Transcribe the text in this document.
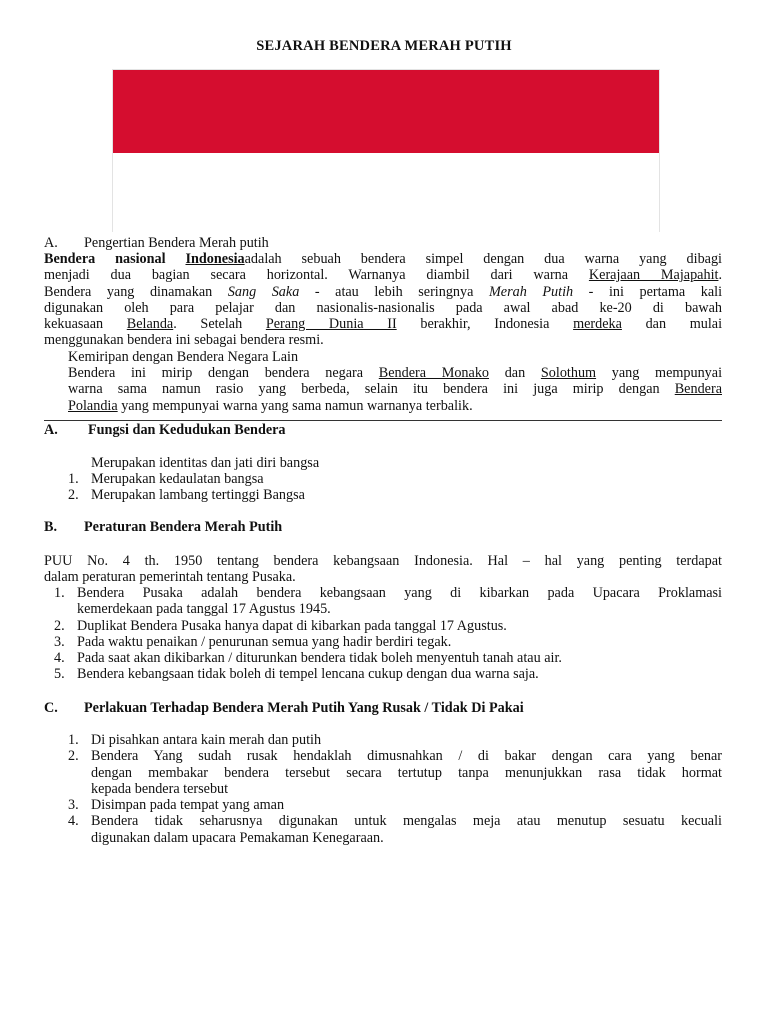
SEJARAH BENDERA MERAH PUTIH
A. Pengertian Bendera Merah putih
Bendera nasional Indonesiaadalah sebuah bendera simpel dengan dua warna yang dibagi
menjadi dua bagian secara horizontal. Warnanya diambil dari warna Kerajaan Majapahit.
Bendera yang dinamakan Sang Saka - atau lebih seringnya Merah Putih - ini pertama kali
digunakan oleh para pelajar dan nasionalis-nasionalis pada awal abad ke-20 di bawah
kekuasaan Belanda. Setelah Perang Dunia II berakhir, Indonesia merdeka dan mulai
menggunakan bendera ini sebagai bendera resmi.
Kemiripan dengan Bendera Negara Lain
Bendera ini mirip dengan bendera negara Bendera Monako dan Solothum yang mempunyai
warna sama namun rasio yang berbeda, selain itu bendera ini juga mirip dengan Bendera
Polandia yang mempunyai warna yang sama namun warnanya terbalik.
A. Fungsi dan Kedudukan Bendera
Merupakan identitas dan jati diri bangsa
1. Merupakan kedaulatan bangsa
2. Merupakan lambang tertinggi Bangsa
B. Peraturan Bendera Merah Putih
PUU No. 4 th. 1950 tentang bendera kebangsaan Indonesia. Hal – hal yang penting terdapat
dalam peraturan pemerintah tentang Pusaka.
1. Bendera Pusaka adalah bendera kebangsaan yang di kibarkan pada Upacara Proklamasi
kemerdekaan pada tanggal 17 Agustus 1945.
2. Duplikat Bendera Pusaka hanya dapat di kibarkan pada tanggal 17 Agustus.
3. Pada waktu penaikan / penurunan semua yang hadir berdiri tegak.
4. Pada saat akan dikibarkan / diturunkan bendera tidak boleh menyentuh tanah atau air.
5. Bendera kebangsaan tidak boleh di tempel lencana cukup dengan dua warna saja.
C. Perlakuan Terhadap Bendera Merah Putih Yang Rusak / Tidak Di Pakai
1. Di pisahkan antara kain merah dan putih
2. Bendera Yang sudah rusak hendaklah dimusnahkan / di bakar dengan cara yang benar
dengan membakar bendera tersebut secara tertutup tanpa menunjukkan rasa tidak hormat
kepada bendera tersebut
3. Disimpan pada tempat yang aman
4. Bendera tidak seharusnya digunakan untuk mengalas meja atau menutup sesuatu kecuali
digunakan dalam upacara Pemakaman Kenegaraan.
